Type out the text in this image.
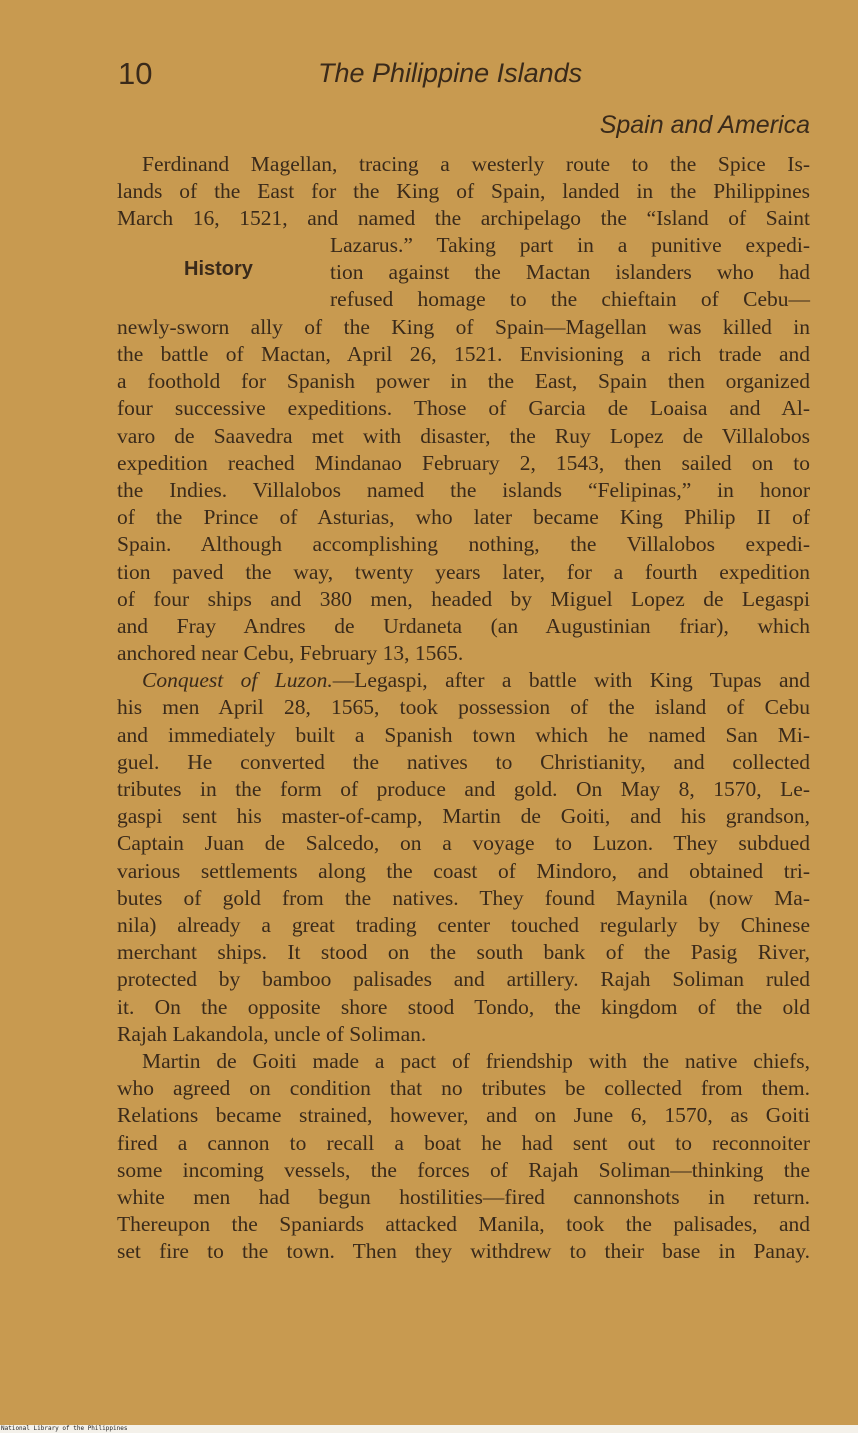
10	The Philippine Islands
Spain and America
History
Ferdinand Magellan, tracing a westerly route to the Spice Is-
lands of the East for the King of Spain, landed in the Philippines
March 16, 1521, and named the archipelago the “Island of Saint
Lazarus.” Taking part in a punitive expedi-
tion against the Mactan islanders who had
refused homage to the chieftain of Cebu—
newly-sworn ally of the King of Spain—Magellan was killed in
the battle of Mactan, April 26, 1521. Envisioning a rich trade and
a foothold for Spanish power in the East, Spain then organized
four successive expeditions. Those of Garcia de Loaisa and Al-
varo de Saavedra met with disaster, the Ruy Lopez de Villalobos
expedition reached Mindanao February 2, 1543, then sailed on to
the Indies. Villalobos named the islands “Felipinas,” in honor
of the Prince of Asturias, who later became King Philip II of
Spain. Although accomplishing nothing, the Villalobos expedi-
tion paved the way, twenty years later, for a fourth expedition
of four ships and 380 men, headed by Miguel Lopez de Legaspi
and Fray Andres de Urdaneta (an Augustinian friar), which
anchored near Cebu, February 13, 1565.
Conquest of Luzon.—Legaspi, after a battle with King Tupas and
his men April 28, 1565, took possession of the island of Cebu
and immediately built a Spanish town which he named San Mi-
guel. He converted the natives to Christianity, and collected
tributes in the form of produce and gold. On May 8, 1570, Le-
gaspi sent his master-of-camp, Martin de Goiti, and his grandson,
Captain Juan de Salcedo, on a voyage to Luzon. They subdued
various settlements along the coast of Mindoro, and obtained tri-
butes of gold from the natives. They found Maynila (now Ma-
nila) already a great trading center touched regularly by Chinese
merchant ships. It stood on the south bank of the Pasig River,
protected by bamboo palisades and artillery. Rajah Soliman ruled
it. On the opposite shore stood Tondo, the kingdom of the old
Rajah Lakandola, uncle of Soliman.
Martin de Goiti made a pact of friendship with the native chiefs,
who agreed on condition that no tributes be collected from them.
Relations became strained, however, and on June 6, 1570, as Goiti
fired a cannon to recall a boat he had sent out to reconnoiter
some incoming vessels, the forces of Rajah Soliman—thinking the
white men had begun hostilities—fired cannonshots in return.
Thereupon the Spaniards attacked Manila, took the palisades, and
set fire to the town. Then they withdrew to their base in Panay.
National Library of the Philippines
